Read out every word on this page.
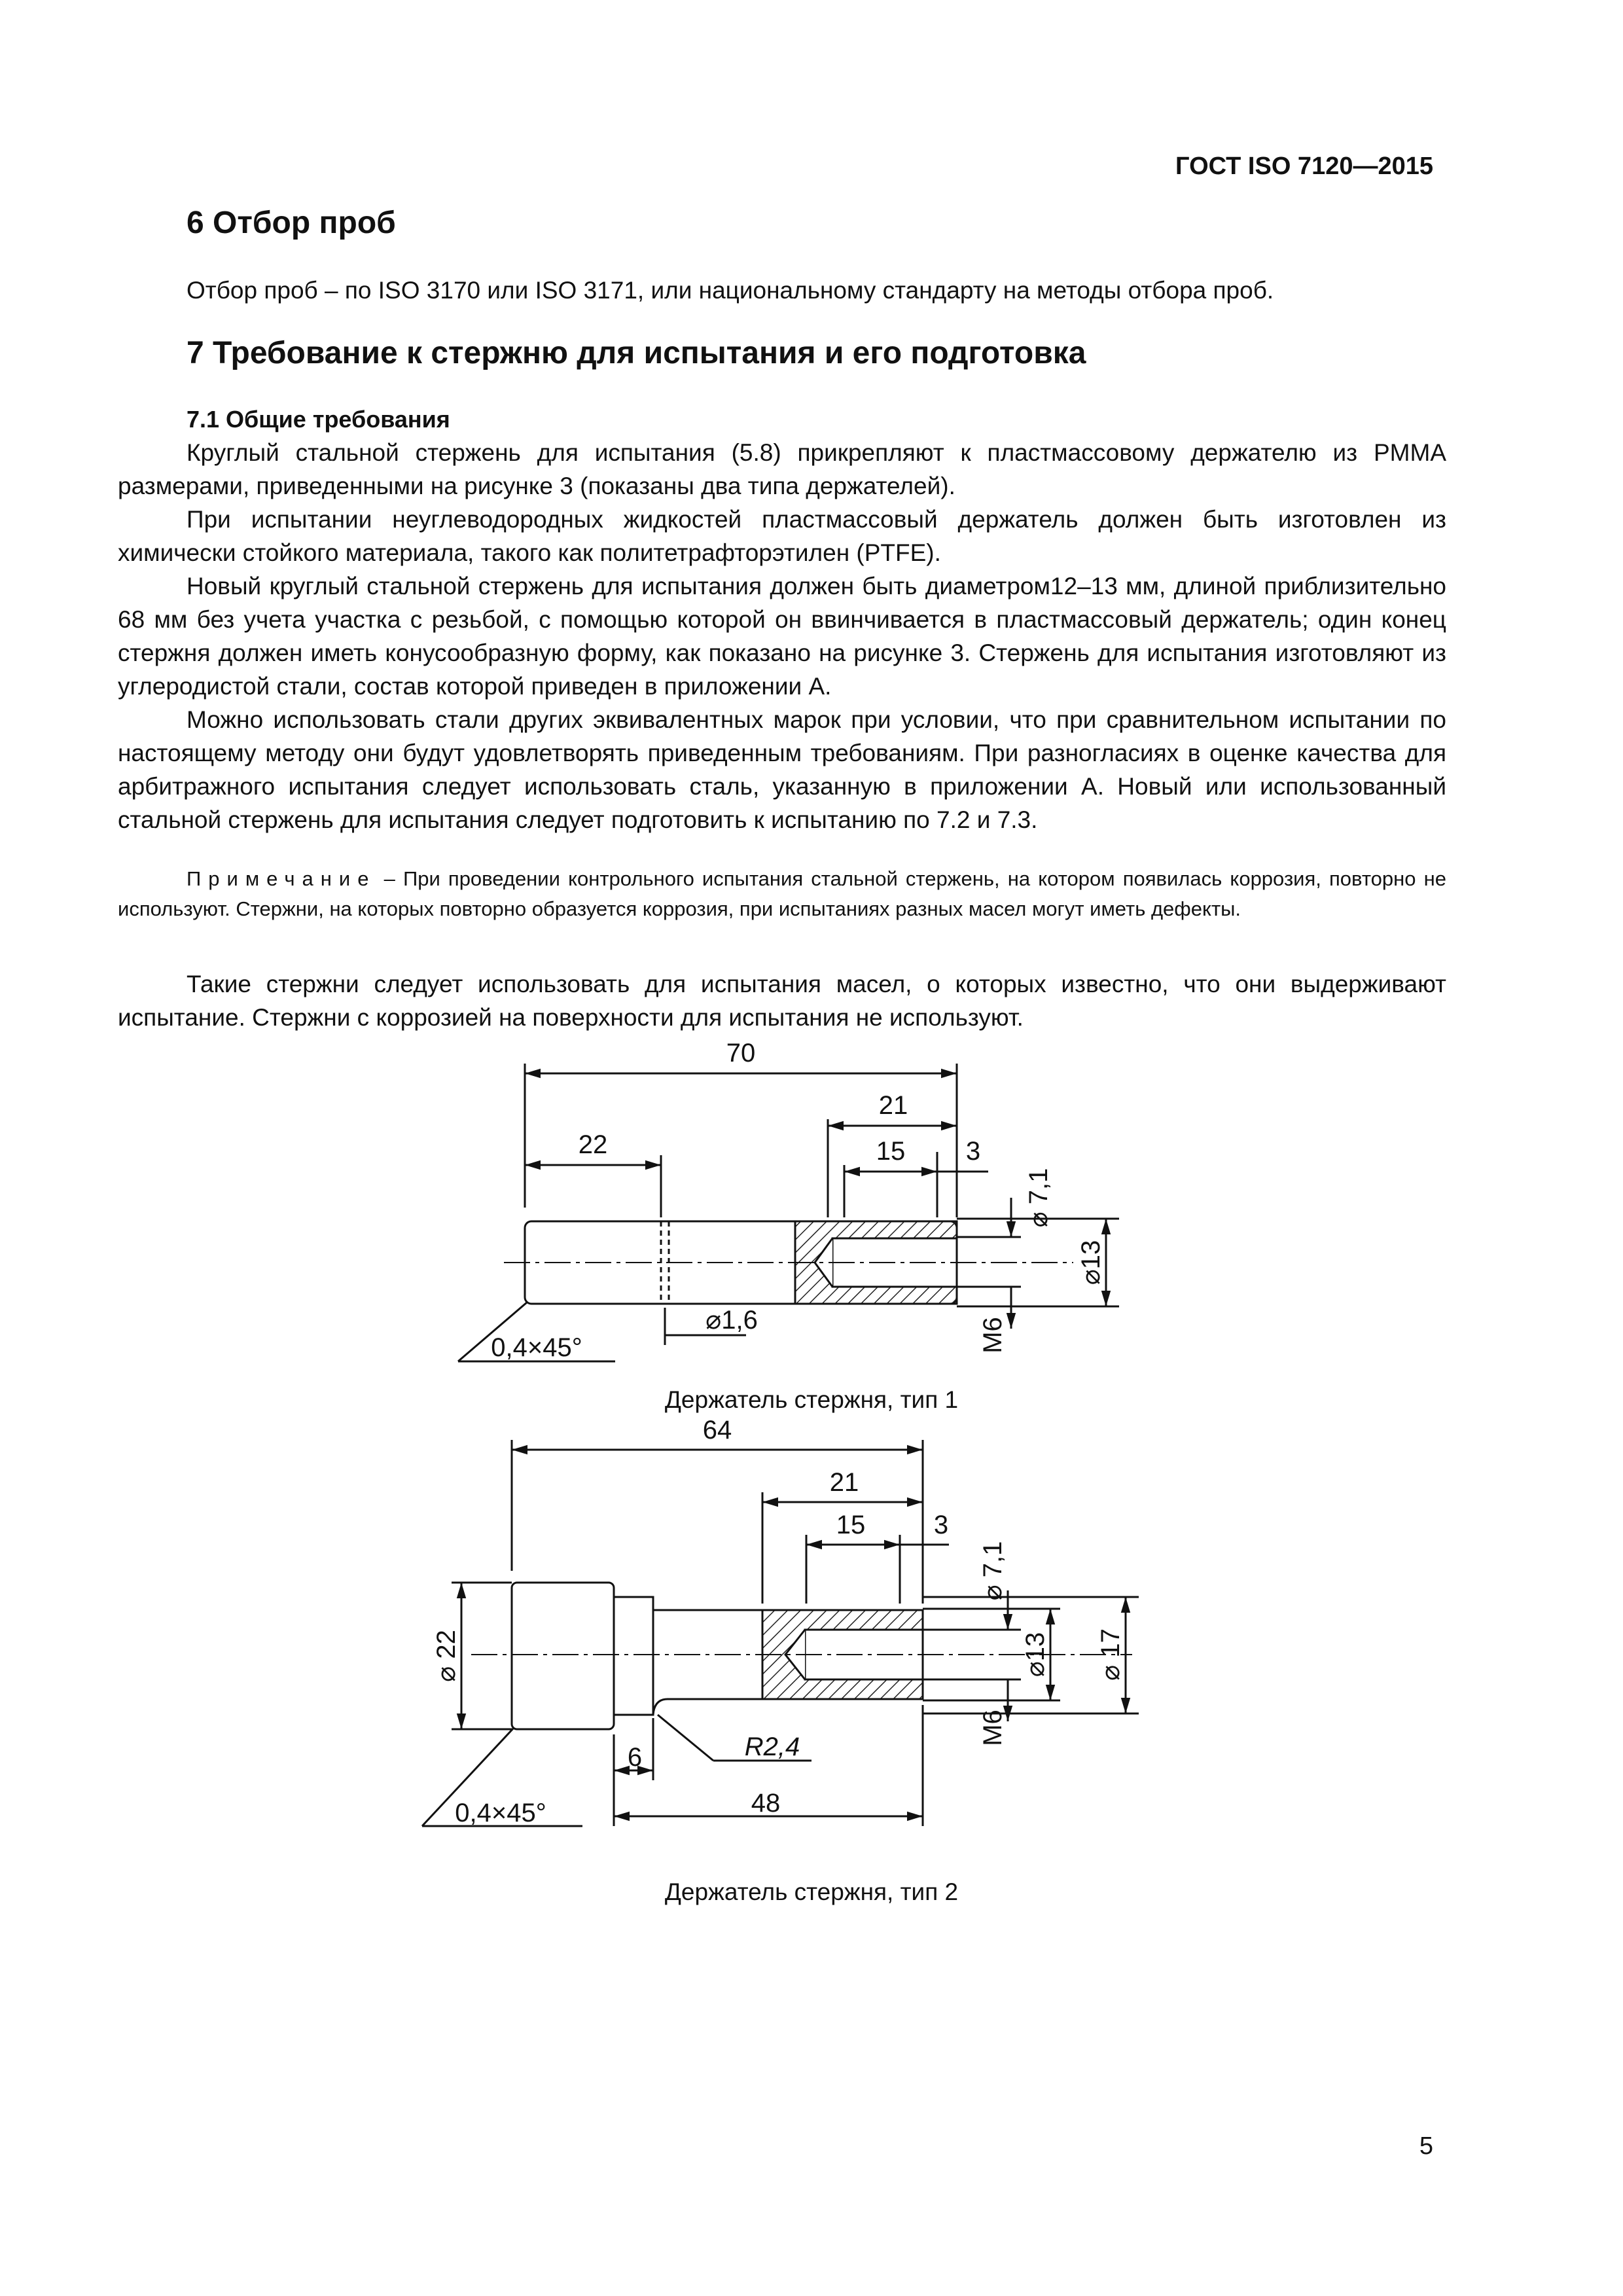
ГОСТ ISO 7120—2015
6 Отбор проб
Отбор проб – по ISO 3170 или ISO 3171, или национальному стандарту на методы отбора проб.
7 Требование к стержню для испытания и его подготовка
7.1 Общие требования
Круглый стальной стержень для испытания (5.8) прикрепляют к пластмассовому держателю из PMMA размерами, приведенными на рисунке 3 (показаны два типа держателей).
При испытании неуглеводородных жидкостей пластмассовый держатель должен быть изготовлен из химически стойкого материала, такого как политетрафторэтилен (PTFE).
Новый круглый стальной стержень для испытания должен быть диаметром12–13 мм, длиной приблизительно 68 мм без учета участка с резьбой, с помощью которой он ввинчивается в пластмассовый держатель; один конец стержня должен иметь конусообразную форму, как показано на рисунке 3. Стержень для испытания изготовляют из углеродистой стали, состав которой приведен в приложении А.
Можно использовать стали других эквивалентных марок при условии, что при сравнительном испытании по настоящему методу они будут удовлетворять приведенным требованиям. При разногласиях в оценке качества для арбитражного испытания следует использовать сталь, указанную в приложении А. Новый или использованный стальной стержень для испытания следует подготовить к испытанию по 7.2 и 7.3.
Примечание – При проведении контрольного испытания стальной стержень, на котором появилась коррозия, повторно не используют. Стержни, на которых повторно образуется коррозия, при испытаниях разных масел могут иметь дефекты.
Такие стержни следует использовать для испытания масел, о которых известно, что они выдерживают испытание. Стержни с коррозией на поверхности для испытания не используют.
70
21
22	15 3
⌀ 7,1
⌀13
M6
⌀1,6
0,4×45°
64
21
15	3
⌀ 7,1
⌀ 22	⌀13 ⌀ 17
M6
6	R2,4
48
0,4×45°
Держатель стержня, тип 1
Держатель стержня, тип 2
5
